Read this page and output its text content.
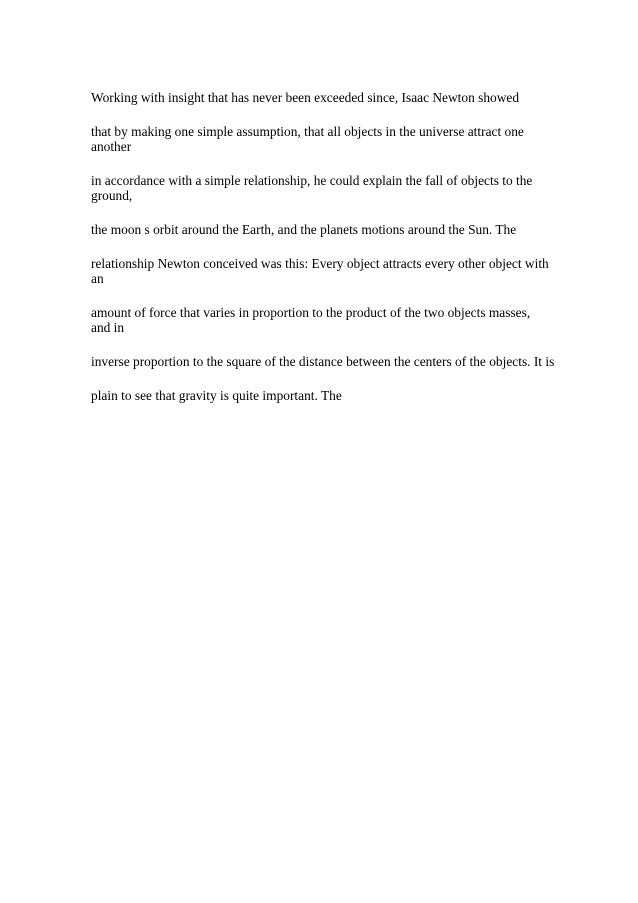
Working with insight that has never been exceeded since, Isaac Newton showed

that by making one simple assumption, that all objects in the universe attract one
another

in accordance with a simple relationship, he could explain the fall of objects to the
ground,

the moon s orbit around the Earth, and the planets motions around the Sun. The

relationship Newton conceived was this: Every object attracts every other object with
an

amount of force that varies in proportion to the product of the two objects masses,
and in

inverse proportion to the square of the distance between the centers of the objects. It is

plain to see that gravity is quite important. The
